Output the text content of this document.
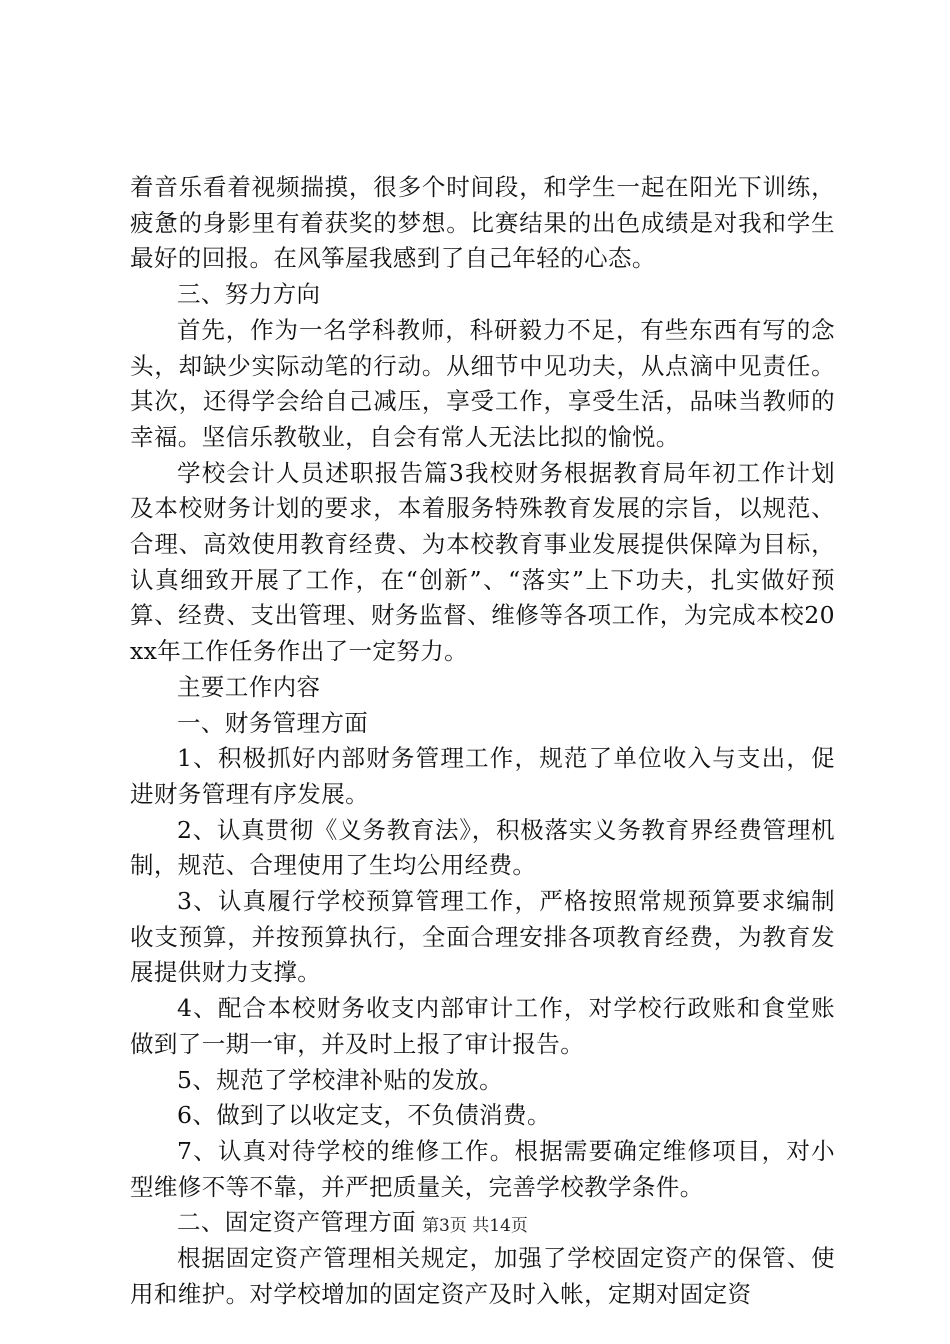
着音乐看着视频揣摸，很多个时间段，和学生一起在阳光下训练，疲惫的身影里有着获奖的梦想。比赛结果的出色成绩是对我和学生最好的回报。在风筝屋我感到了自己年轻的心态。

三、努力方向

首先，作为一名学科教师，科研毅力不足，有些东西有写的念头，却缺少实际动笔的行动。从细节中见功夫，从点滴中见责任。其次，还得学会给自己减压，享受工作，享受生活，品味当教师的幸福。坚信乐教敬业，自会有常人无法比拟的愉悦。

学校会计人员述职报告篇3我校财务根据教育局年初工作计划及本校财务计划的要求，本着服务特殊教育发展的宗旨，以规范、合理、高效使用教育经费、为本校教育事业发展提供保障为目标，认真细致开展了工作，在“创新”、“落实”上下功夫，扎实做好预算、经费、支出管理、财务监督、维修等各项工作，为完成本校20xx年工作任务作出了一定努力。

主要工作内容

一、财务管理方面

1、积极抓好内部财务管理工作，规范了单位收入与支出，促进财务管理有序发展。

2、认真贯彻《义务教育法》，积极落实义务教育界经费管理机制，规范、合理使用了生均公用经费。

3、认真履行学校预算管理工作，严格按照常规预算要求编制收支预算，并按预算执行，全面合理安排各项教育经费，为教育发展提供财力支撑。

4、配合本校财务收支内部审计工作，对学校行政账和食堂账做到了一期一审，并及时上报了审计报告。

5、规范了学校津补贴的发放。

6、做到了以收定支，不负债消费。

7、认真对待学校的维修工作。根据需要确定维修项目，对小型维修不等不靠，并严把质量关，完善学校教学条件。

二、固定资产管理方面

根据固定资产管理相关规定，加强了学校固定资产的保管、使用和维护。对学校增加的固定资产及时入帐，定期对固定资

第3页 共14页
